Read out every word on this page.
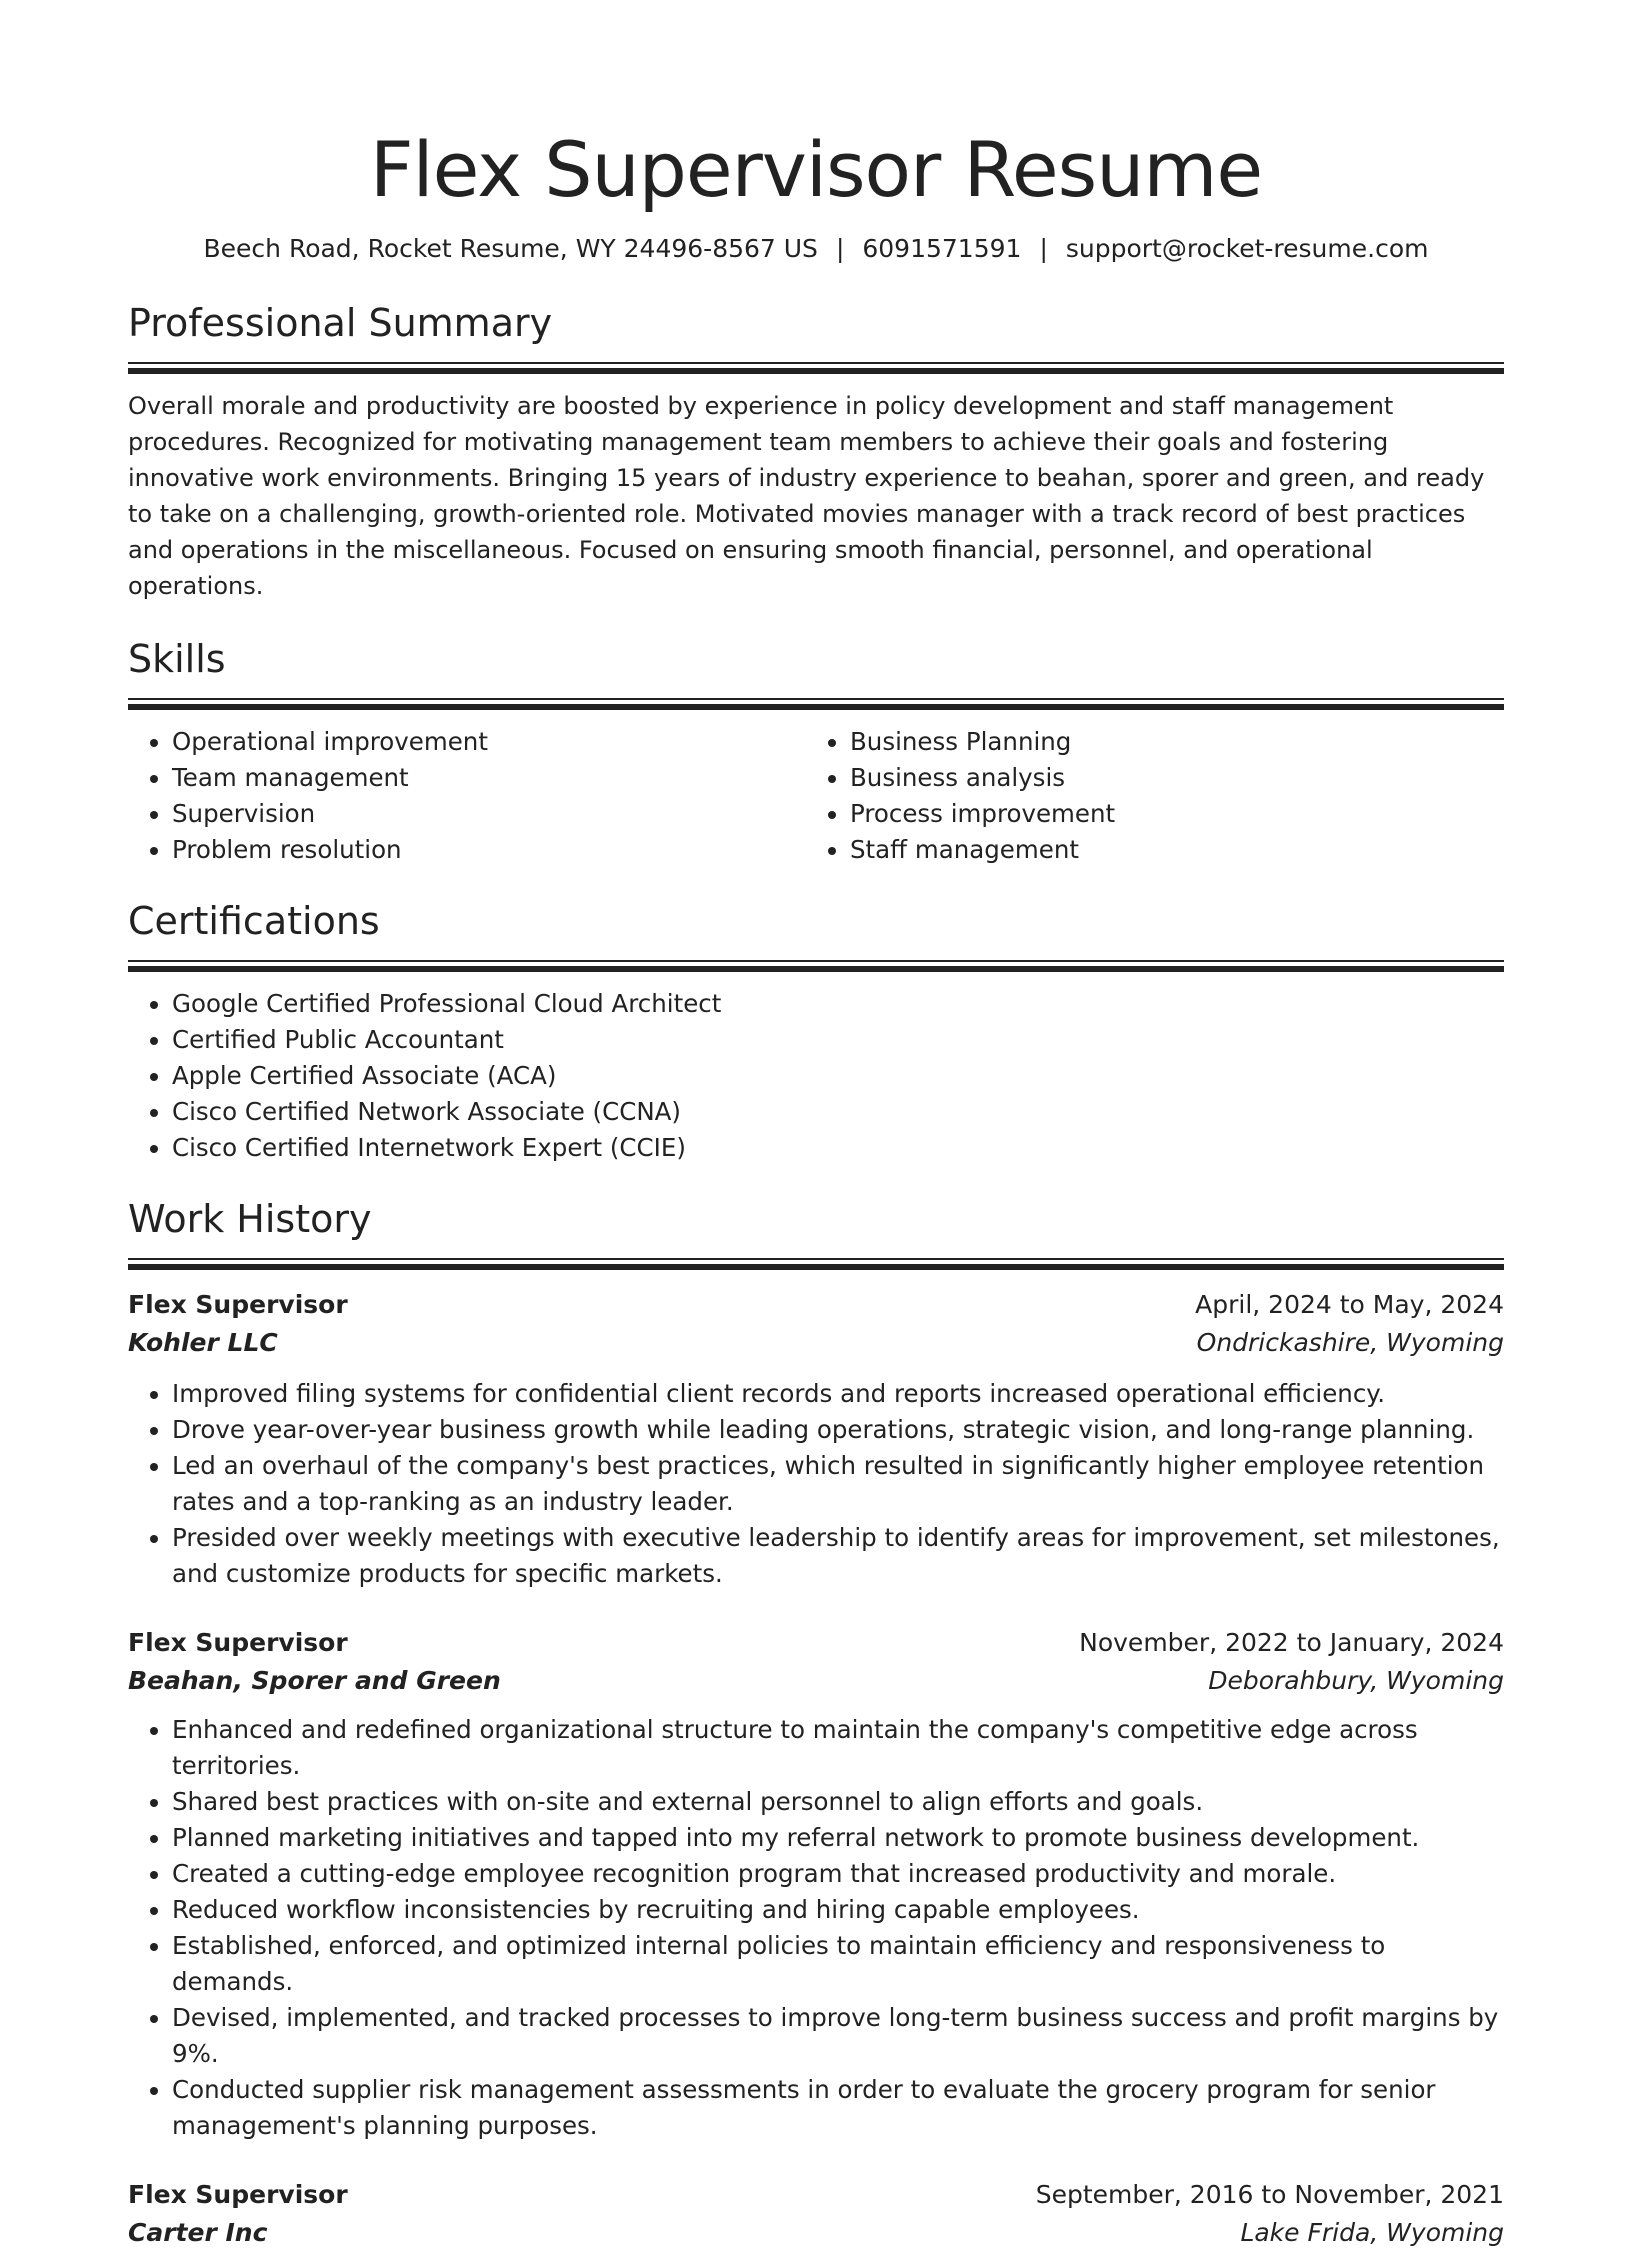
Flex Supervisor Resume
Beech Road, Rocket Resume, WY 24496-8567 US | 6091571591 | support@rocket-resume.com
Professional Summary
Overall morale and productivity are boosted by experience in policy development and staff management procedures. Recognized for motivating management team members to achieve their goals and fostering innovative work environments. Bringing 15 years of industry experience to beahan, sporer and green, and ready to take on a challenging, growth-oriented role. Motivated movies manager with a track record of best practices and operations in the miscellaneous. Focused on ensuring smooth financial, personnel, and operational operations.
Skills
• Operational improvement
• Team management
• Supervision
• Problem resolution
• Business Planning
• Business analysis
• Process improvement
• Staff management
Certifications
• Google Certified Professional Cloud Architect
• Certified Public Accountant
• Apple Certified Associate (ACA)
• Cisco Certified Network Associate (CCNA)
• Cisco Certified Internetwork Expert (CCIE)
Work History
Flex Supervisor	April, 2024 to May, 2024
Kohler LLC	Ondrickashire, Wyoming
• Improved filing systems for confidential client records and reports increased operational efficiency.
• Drove year-over-year business growth while leading operations, strategic vision, and long-range planning.
• Led an overhaul of the company's best practices, which resulted in significantly higher employee retention rates and a top-ranking as an industry leader.
• Presided over weekly meetings with executive leadership to identify areas for improvement, set milestones, and customize products for specific markets.
Flex Supervisor	November, 2022 to January, 2024
Beahan, Sporer and Green	Deborahbury, Wyoming
• Enhanced and redefined organizational structure to maintain the company's competitive edge across territories.
• Shared best practices with on-site and external personnel to align efforts and goals.
• Planned marketing initiatives and tapped into my referral network to promote business development.
• Created a cutting-edge employee recognition program that increased productivity and morale.
• Reduced workflow inconsistencies by recruiting and hiring capable employees.
• Established, enforced, and optimized internal policies to maintain efficiency and responsiveness to demands.
• Devised, implemented, and tracked processes to improve long-term business success and profit margins by 9%.
• Conducted supplier risk management assessments in order to evaluate the grocery program for senior management's planning purposes.
Flex Supervisor	September, 2016 to November, 2021
Carter Inc	Lake Frida, Wyoming
